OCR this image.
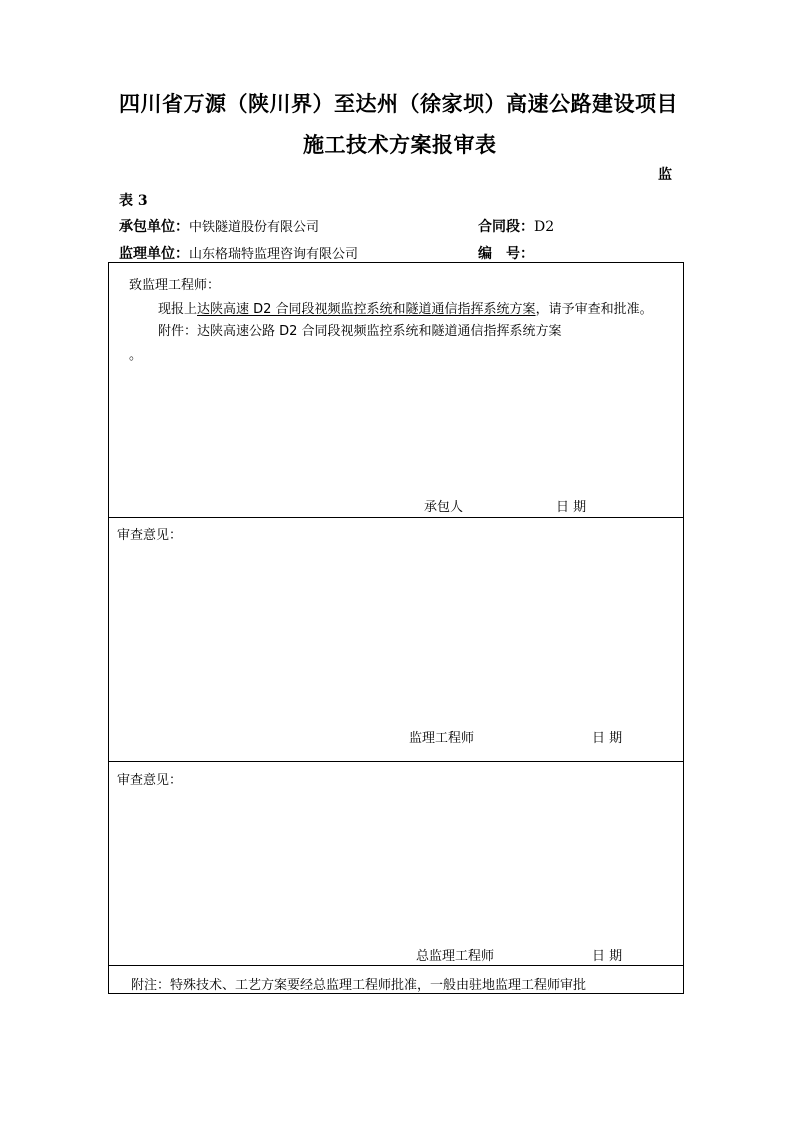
四川省万源（陕川界）至达州（徐家坝）高速公路建设项目
施工技术方案报审表
监
表 3
承包单位：中铁隧道股份有限公司	合同段：D2
监理单位：山东格瑞特监理咨询有限公司	编　号：
致监理工程师：
现报上达陕高速 D2 合同段视频监控系统和隧道通信指挥系统方案，请予审查和批准。
附件：达陕高速公路 D2 合同段视频监控系统和隧道通信指挥系统方案
。
承包人	日 期
审查意见：
监理工程师	日 期
审查意见：
总监理工程师	日 期
附注：特殊技术、工艺方案要经总监理工程师批准，一般由驻地监理工程师审批
